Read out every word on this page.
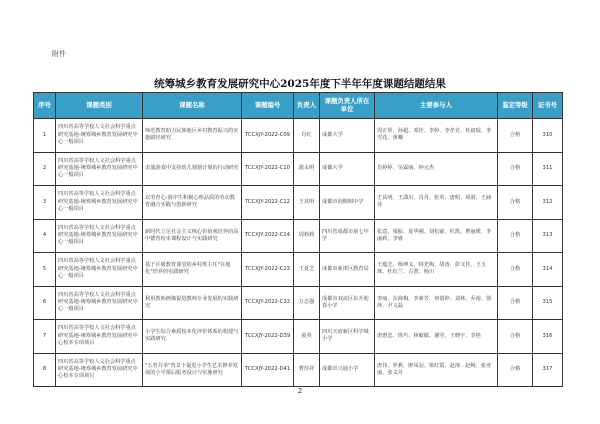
附件
统筹城乡教育发展研究中心2025年度下半年年度课题结题结果
序号	课题类别	课题名称	课题编号	负责人	课题负责人所在单位	主要参与人	鉴定等级	证书号
1	四川省高等学校人文社会科学重点研究基地-统筹城乡教育发展研究中心一般项目	师范教育助力民族地区乡村教育振兴的实施路径研究	TCCXJY-2022-C09	肖红	成都大学	周正彤、孙超、邓佳、李婷、李孝竞、杜叙琨、李雪花、黄曦	合格	310
2	四川省高等学校人文社会科学重点研究基地-统筹城乡教育发展研究中心一般项目	表演游戏中支持幼儿刻划计划的行动研究	TCCXJY-2022-C10	蒲永明	成都大学	肖婷婷、吴霖丽、钟元杰	合格	311
3	四川省高等学校人文社会科学重点研究基地-统筹城乡教育发展研究中心一般项目	以劳育心·润中生积极心理品质的劳动教育融合实践与创新研究	TCCXJY-2022-C12	王其明	成都市泡桐树中学	王其明、王潇川、肖丹、张英、唐明、周润、王涵菲	合格	312
4	四川省高等学校人文社会科学重点研究基地-统筹城乡教育发展研究中心一般项目	新时代立足社会主义核心价值观培养的高中德育校本课程设计与实践研究	TCCXJY-2022-C14	周莉莉	四川省成都市第七中学	张意、梁振、夏华刚、刘松豪、杜凯、曹丽媛、李丽莉、李睿	合格	313
5	四川省高等学校人文社会科学重点研究基地-统筹城乡教育发展研究中心一般项目	基于区级教育课堂的乡村班主任"在地化"培养的实践研究	TCCXJY-2022-C23	王夏芝	成都市新津区教育局	王蕴芝、杨坤义、林光梅、胡涛、彭文佳、王玉珠、杜红兰、古蕾、杨川	合格	314
6	四川省高等学校人文社会科学重点研究基地-统筹城乡教育发展研究中心一般项目	利用教师画像促进教师专业发展的实践研究	TCCXJY-2022-C33	万志强	成都市双流区东升迎春小学	李丽、东海梅、李素芳、何倩婷、刘林、乔裕、徐萍、尹文磊	合格	315
7	四川省高等学校人文社会科学重点研究基地-统筹城乡教育发展研究中心校本专项项目	小学生综合素质校本化评价体系的构建与实践研究	TCCXJY-2022-D39	晏英	四川天府新区科学城小学	唐惠忠、徐巧、林敏敏、谢莹、王晓宇、李艳	合格	316
8	四川省高等学校人文社会科学重点研究基地-统筹城乡教育发展研究中心校本专项项目	"五育并举"背景下促进小学生艺术修养发展的小学课后服务设计与实施研究	TCCXJY-2022-D41	曹佳祥	成都市兴通小学	唐伟、罗燕、廖凤羽、梁红霞、赵淳、赵畅、张亚丽、张义丹	合格	317
2
